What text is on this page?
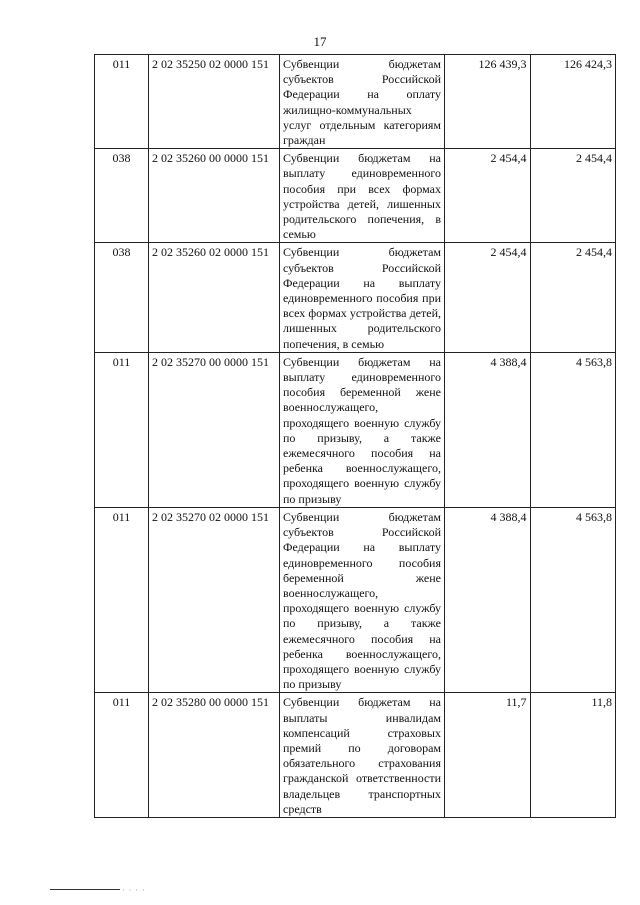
17
011	2 02 35250 02 0000 151	Субвенции бюджетам субъектов Российской Федерации на оплату жилищно-коммунальных услуг отдельным категориям граждан	126 439,3	126 424,3
038	2 02 35260 00 0000 151	Субвенции бюджетам на выплату единовременного пособия при всех формах устройства детей, лишенных родительского попечения, в семью	2 454,4	2 454,4
038	2 02 35260 02 0000 151	Субвенции бюджетам субъектов Российской Федерации на выплату единовременного пособия при всех формах устройства детей, лишенных родительского попечения, в семью	2 454,4	2 454,4
011	2 02 35270 00 0000 151	Субвенции бюджетам на выплату единовременного пособия беременной жене военнослужащего, проходящего военную службу по призыву, а также ежемесячного пособия на ребенка военнослужащего, проходящего военную службу по призыву	4 388,4	4 563,8
011	2 02 35270 02 0000 151	Субвенции бюджетам субъектов Российской Федерации на выплату единовременного пособия беременной жене военнослужащего, проходящего военную службу по призыву, а также ежемесячного пособия на ребенка военнослужащего, проходящего военную службу по призыву	4 388,4	4 563,8
011	2 02 35280 00 0000 151	Субвенции бюджетам на выплаты инвалидам компенсаций страховых премий по договорам обязательного страхования гражданской ответственности владельцев транспортных средств	11,7	11,8
· · · ·
